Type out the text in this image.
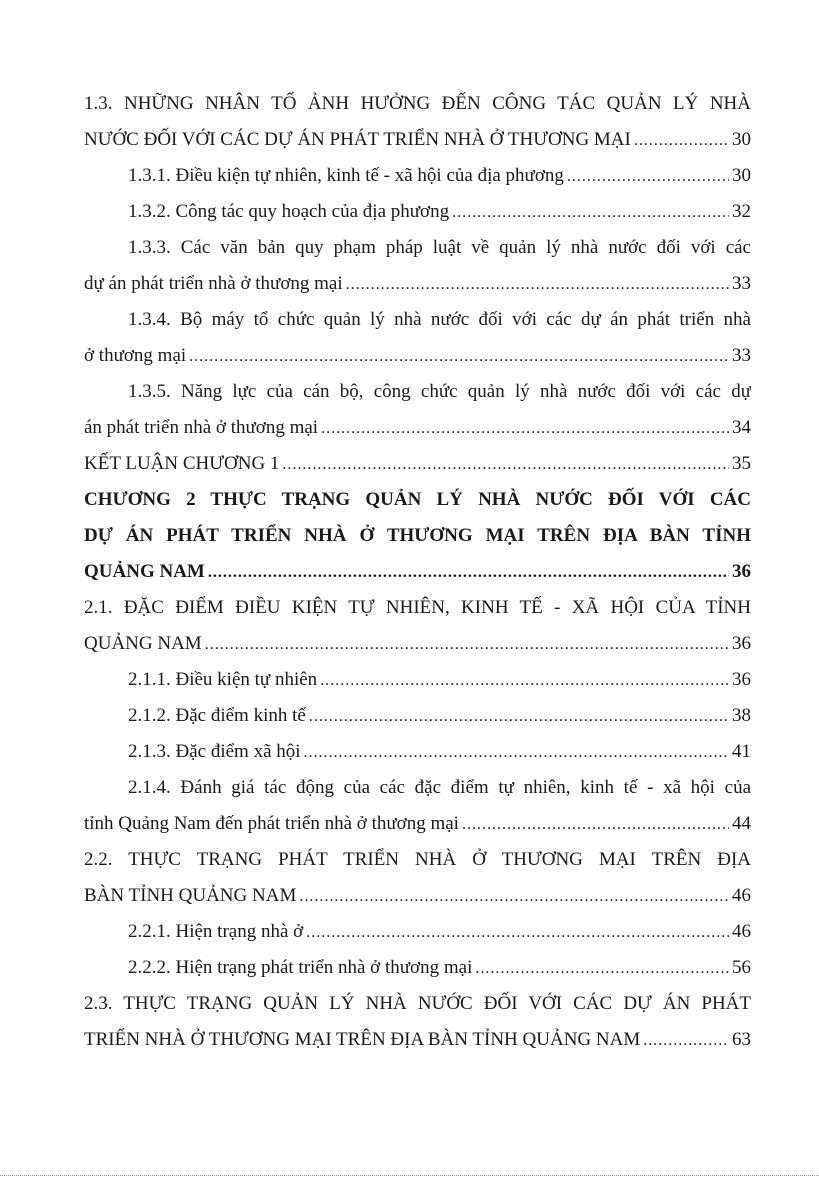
1.3. NHỮNG NHÂN TỐ ẢNH HƯỞNG ĐẾN CÔNG TÁC QUẢN LÝ NHÀ
NƯỚC ĐỐI VỚI CÁC DỰ ÁN PHÁT TRIỂN NHÀ Ở THƯƠNG MẠI .....	30
1.3.1. Điều kiện tự nhiên, kinh tế - xã hội của địa phương .....	30
1.3.2. Công tác quy hoạch của địa phương .....	32
1.3.3. Các văn bản quy phạm pháp luật về quản lý nhà nước đối với các
dự án phát triển nhà ở thương mại .....	33
1.3.4. Bộ máy tổ chức quản lý nhà nước đối với các dự án phát triển nhà
ở thương mại .....	33
1.3.5. Năng lực của cán bộ, công chức quản lý nhà nước đối với các dự
án phát triển nhà ở thương mại .....	34
KẾT LUẬN CHƯƠNG 1 .....	35
CHƯƠNG 2 THỰC TRẠNG QUẢN LÝ NHÀ NƯỚC ĐỐI VỚI CÁC
DỰ ÁN PHÁT TRIỂN NHÀ Ở THƯƠNG MẠI TRÊN ĐỊA BÀN TỈNH
QUẢNG NAM .....	36
2.1. ĐẶC ĐIỂM ĐIỀU KIỆN TỰ NHIÊN, KINH TẾ - XÃ HỘI CỦA TỈNH
QUẢNG NAM .....	36
2.1.1. Điều kiện tự nhiên .....	36
2.1.2. Đặc điểm kinh tế .....	38
2.1.3. Đặc điểm xã hội .....	41
2.1.4. Đánh giá tác động của các đặc điểm tự nhiên, kinh tế - xã hội của
tỉnh Quảng Nam đến phát triển nhà ở thương mại .....	44
2.2. THỰC TRẠNG PHÁT TRIỂN NHÀ Ở THƯƠNG MẠI TRÊN ĐỊA
BÀN TỈNH QUẢNG NAM .....	46
2.2.1. Hiện trạng nhà ở .....	46
2.2.2. Hiện trạng phát triển nhà ở thương mại .....	56
2.3. THỰC TRẠNG QUẢN LÝ NHÀ NƯỚC ĐỐI VỚI CÁC DỰ ÁN PHÁT
TRIỂN NHÀ Ở THƯƠNG MẠI TRÊN ĐỊA BÀN TỈNH QUẢNG NAM .....	63
